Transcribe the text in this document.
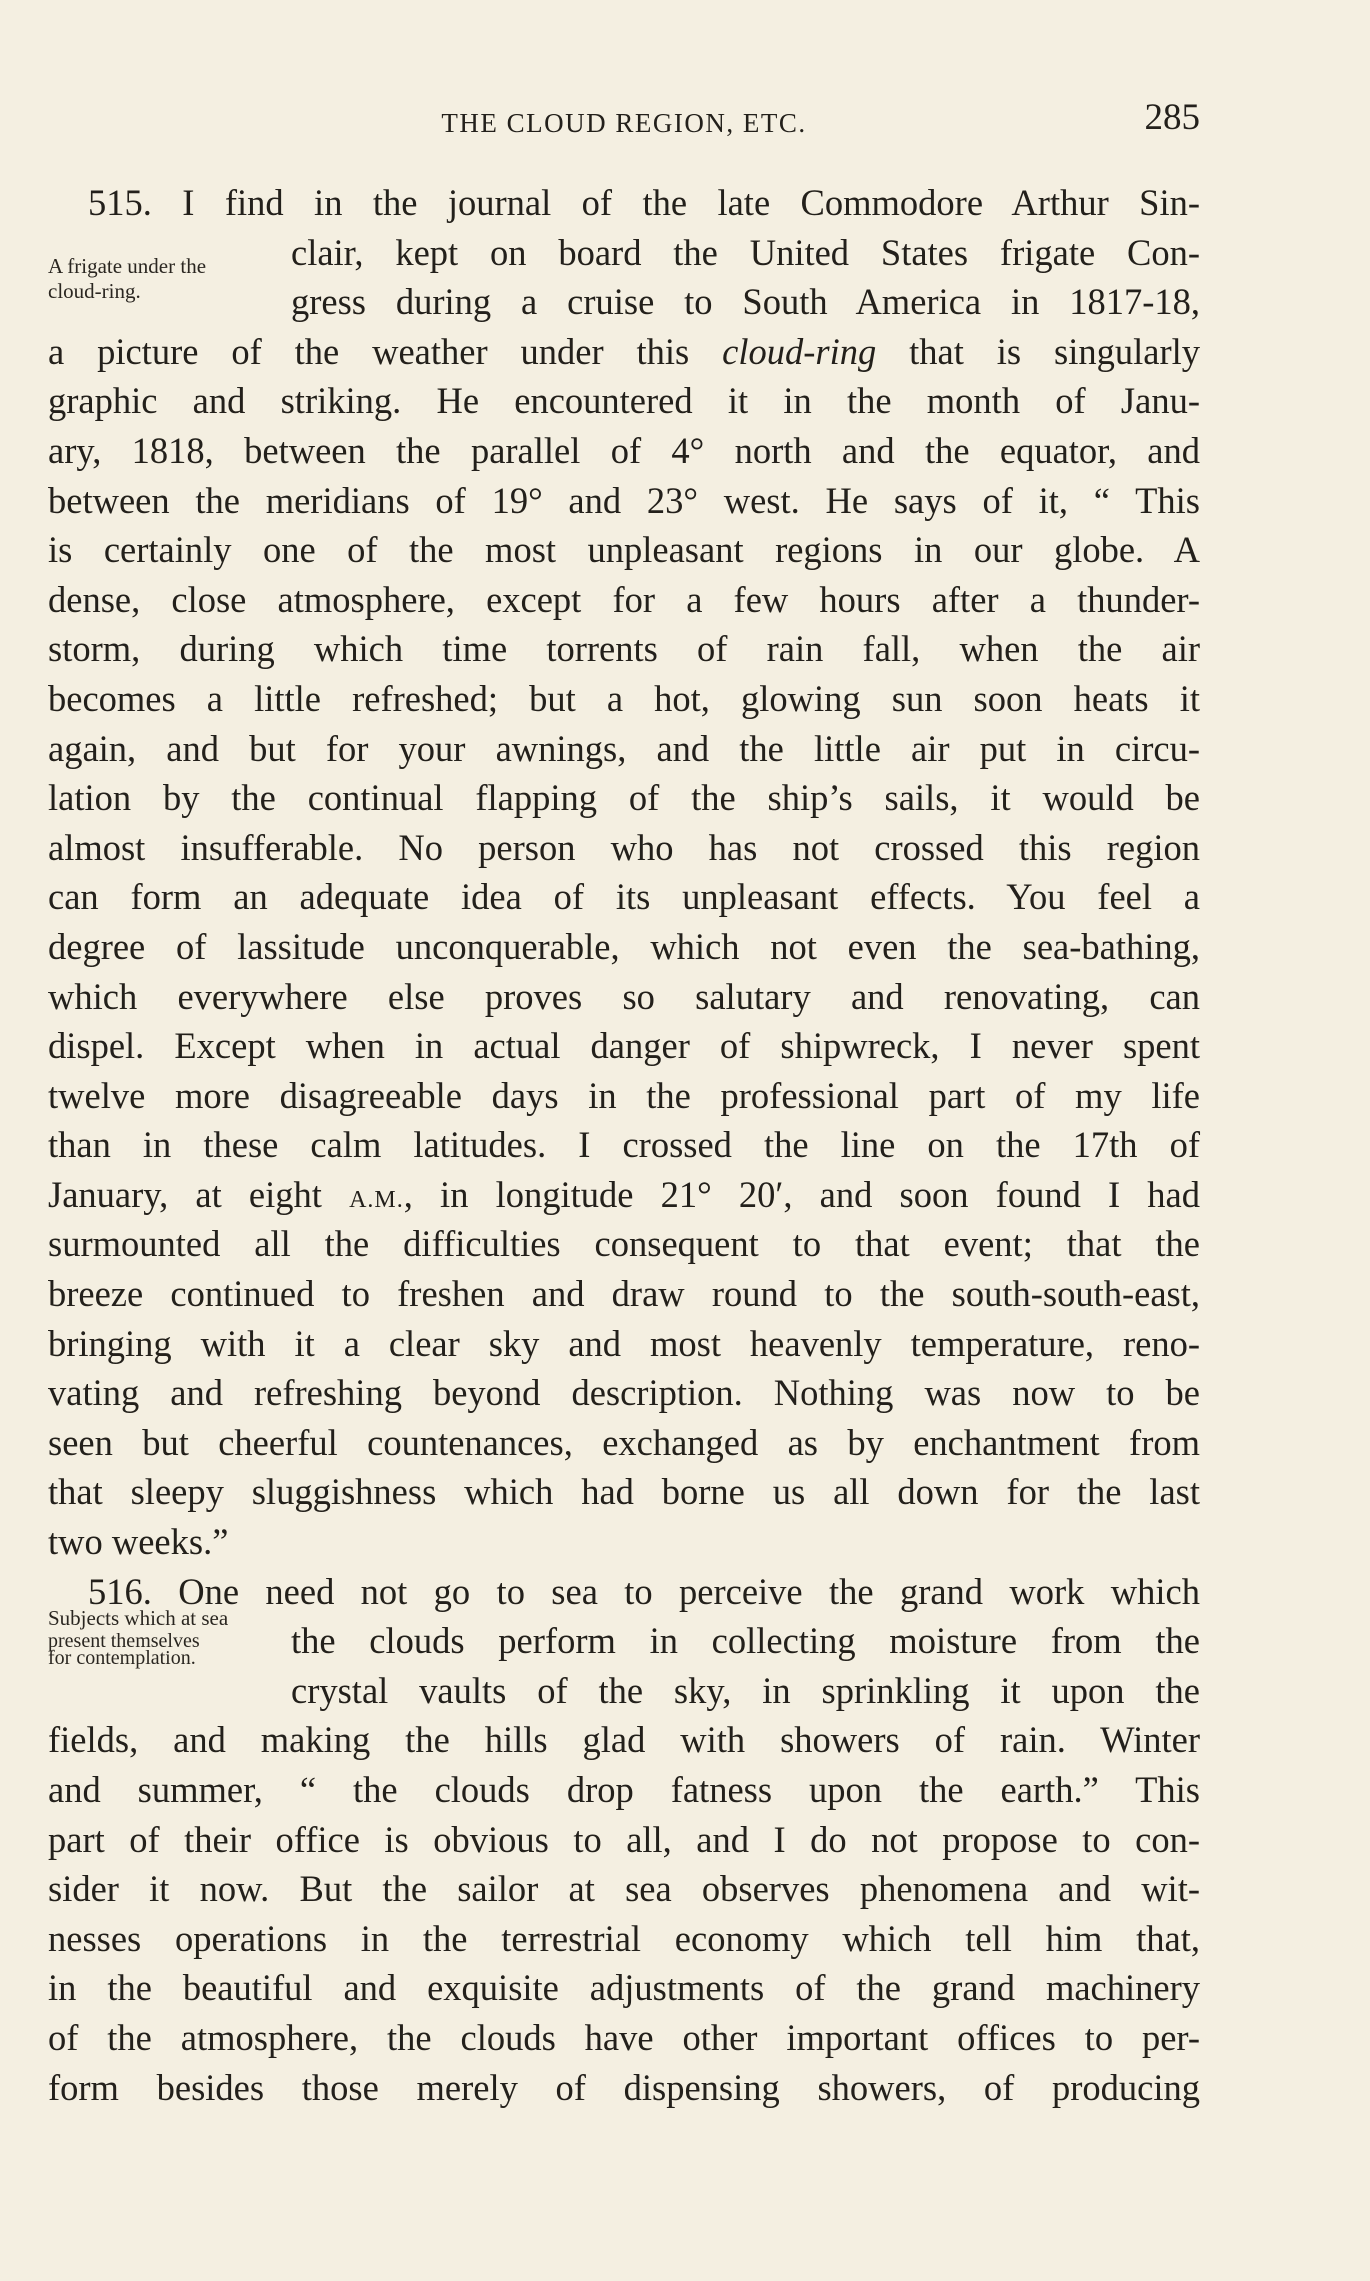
THE CLOUD REGION, ETC.	285
A frigate under the
cloud-ring.
Subjects which at sea
present themselves
for contemplation.
515. I find in the journal of the late Commodore Arthur Sin-
clair, kept on board the United States frigate Con-
gress during a cruise to South America in 1817-18,
a picture of the weather under this cloud-ring that is singularly
graphic and striking. He encountered it in the month of Janu-
ary, 1818, between the parallel of 4° north and the equator, and
between the meridians of 19° and 23° west. He says of it, “ This
is certainly one of the most unpleasant regions in our globe. A
dense, close atmosphere, except for a few hours after a thunder-
storm, during which time torrents of rain fall, when the air
becomes a little refreshed; but a hot, glowing sun soon heats it
again, and but for your awnings, and the little air put in circu-
lation by the continual flapping of the ship’s sails, it would be
almost insufferable. No person who has not crossed this region
can form an adequate idea of its unpleasant effects. You feel a
degree of lassitude unconquerable, which not even the sea-bathing,
which everywhere else proves so salutary and renovating, can
dispel. Except when in actual danger of shipwreck, I never spent
twelve more disagreeable days in the professional part of my life
than in these calm latitudes. I crossed the line on the 17th of
January, at eight A.M., in longitude 21° 20′, and soon found I had
surmounted all the difficulties consequent to that event; that the
breeze continued to freshen and draw round to the south-south-east,
bringing with it a clear sky and most heavenly temperature, reno-
vating and refreshing beyond description. Nothing was now to be
seen but cheerful countenances, exchanged as by enchantment from
that sleepy sluggishness which had borne us all down for the last
two weeks.”
516. One need not go to sea to perceive the grand work which
the clouds perform in collecting moisture from the
crystal vaults of the sky, in sprinkling it upon the
fields, and making the hills glad with showers of rain. Winter
and summer, “ the clouds drop fatness upon the earth.” This
part of their office is obvious to all, and I do not propose to con-
sider it now. But the sailor at sea observes phenomena and wit-
nesses operations in the terrestrial economy which tell him that,
in the beautiful and exquisite adjustments of the grand machinery
of the atmosphere, the clouds have other important offices to per-
form besides those merely of dispensing showers, of producing
